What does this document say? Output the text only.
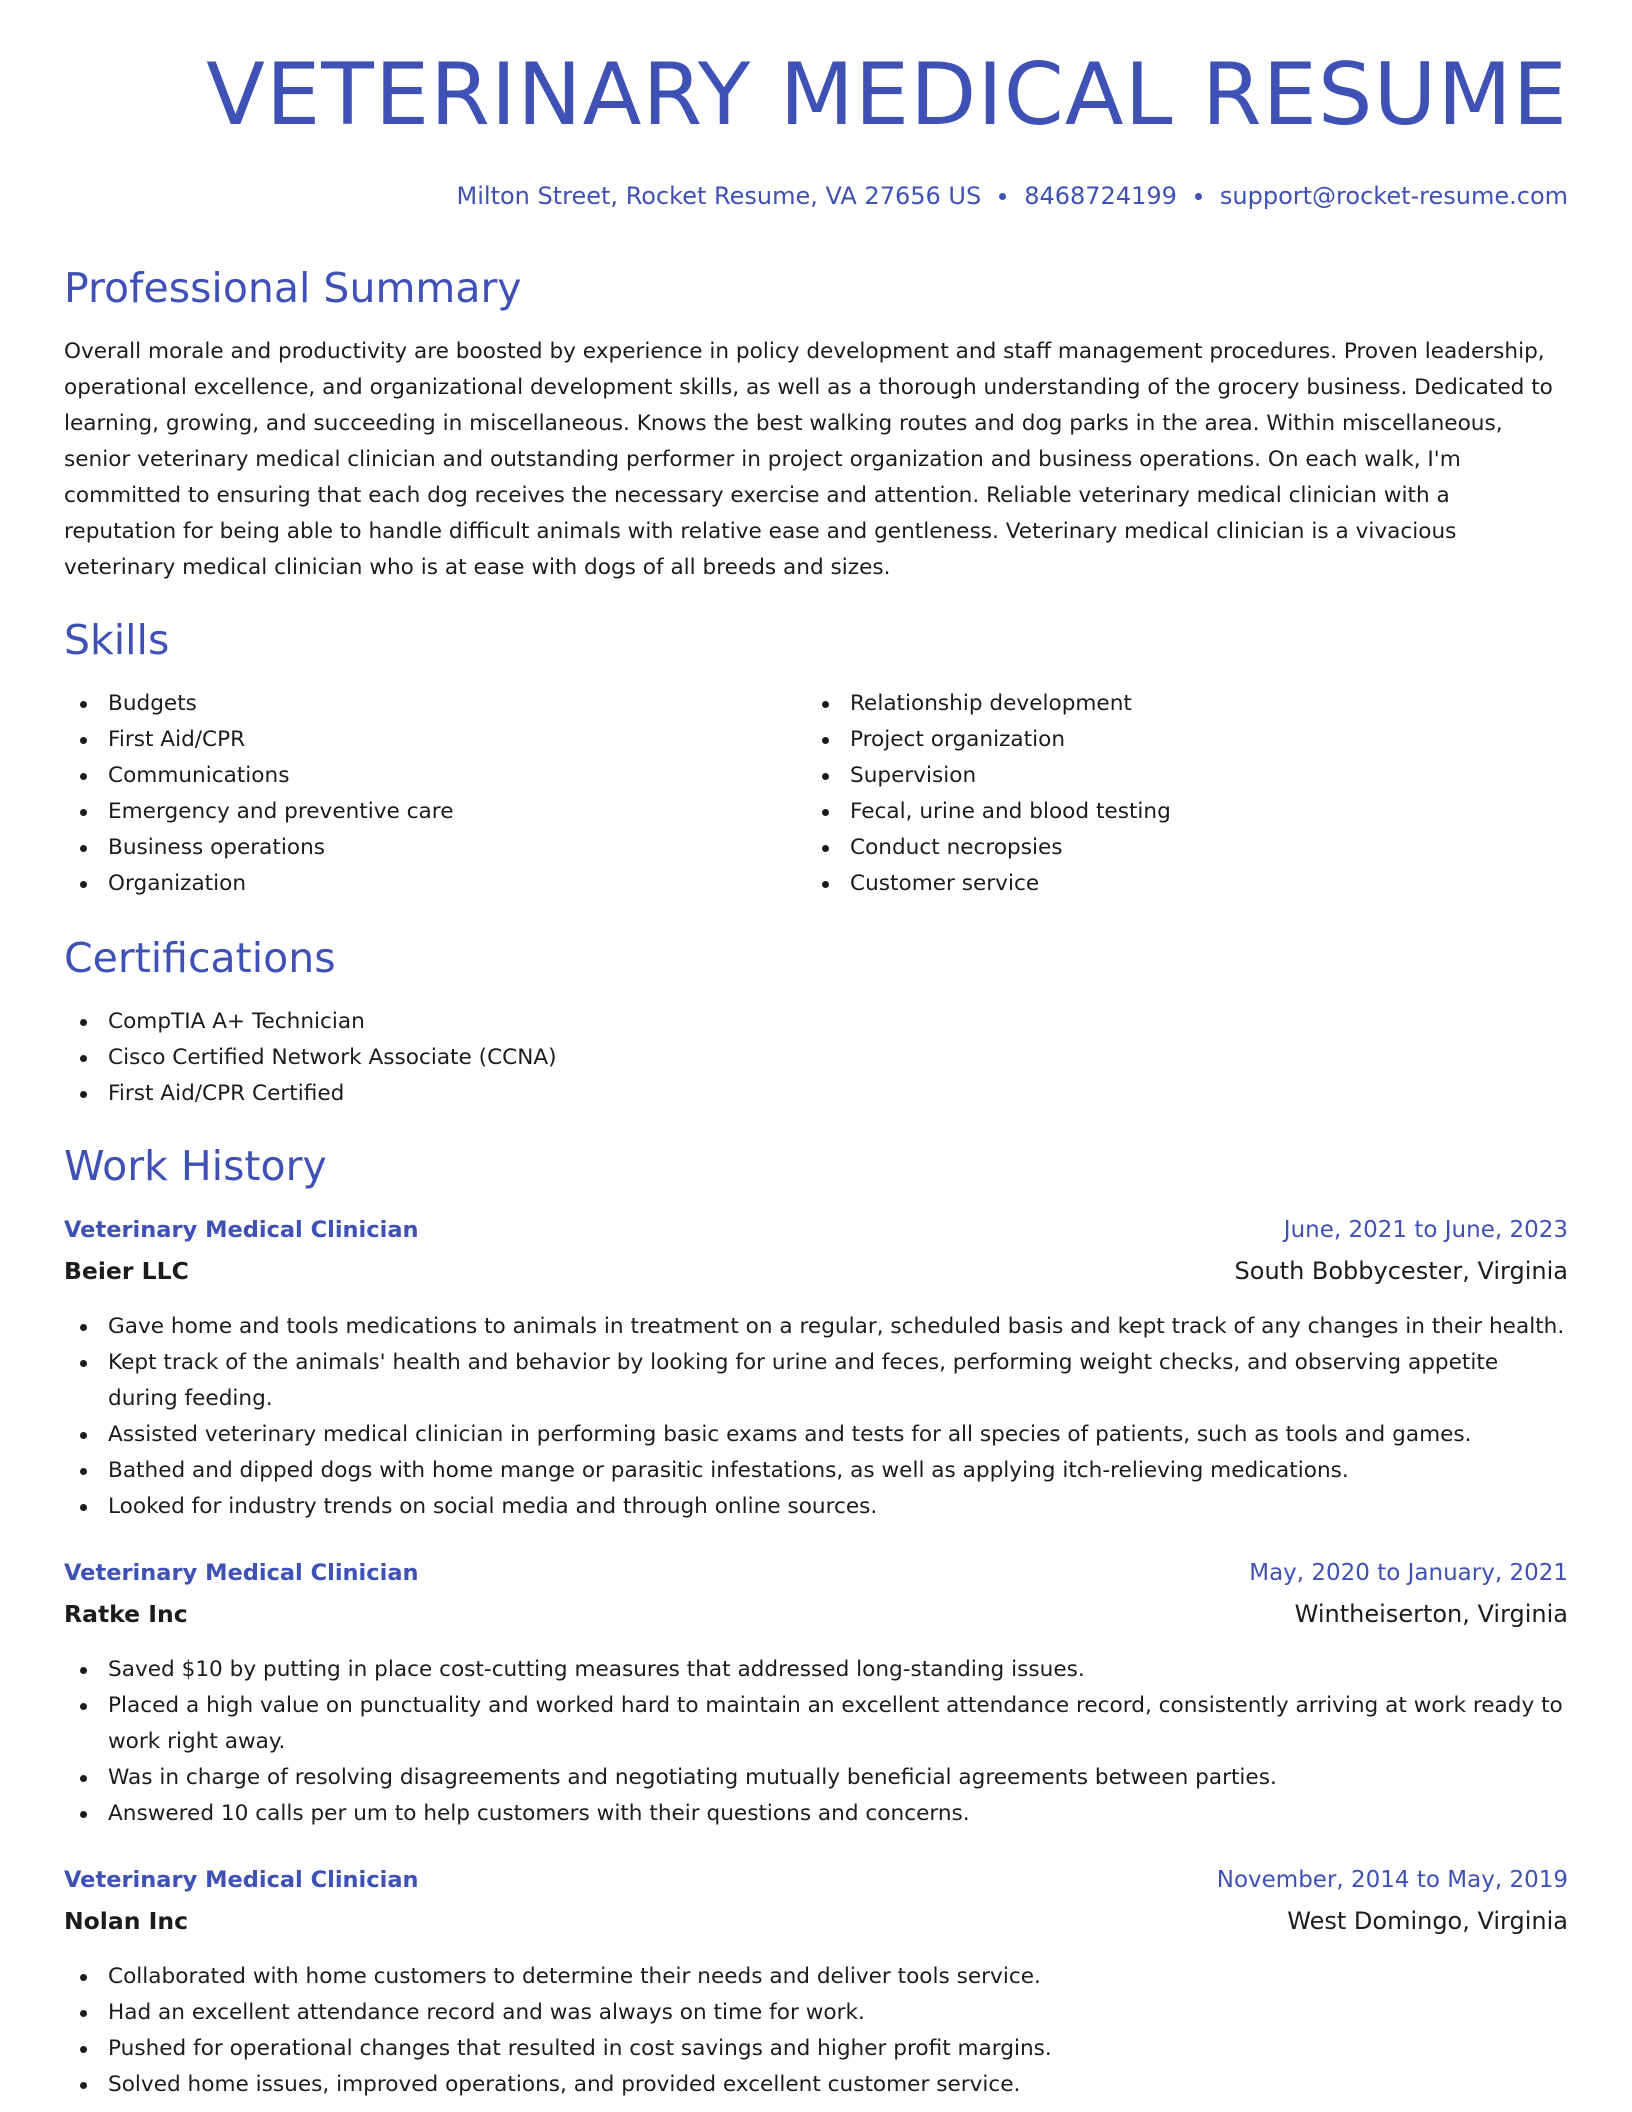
VETERINARY MEDICAL RESUME
Milton Street, Rocket Resume, VA 27656 US 8468724199 support@rocket-resume.com
Professional Summary

Overall morale and productivity are boosted by experience in policy development and staff management procedures. Proven leadership, operational excellence, and organizational development skills, as well as a thorough understanding of the grocery business. Dedicated to learning, growing, and succeeding in miscellaneous. Knows the best walking routes and dog parks in the area. Within miscellaneous, senior veterinary medical clinician and outstanding performer in project organization and business operations. On each walk, I'm committed to ensuring that each dog receives the necessary exercise and attention. Reliable veterinary medical clinician with a reputation for being able to handle difficult animals with relative ease and gentleness. Veterinary medical clinician is a vivacious veterinary medical clinician who is at ease with dogs of all breeds and sizes.

Skills
Budgets
First Aid/CPR
Communications
Emergency and preventive care
Business operations
Organization
Relationship development
Project organization
Supervision
Fecal, urine and blood testing
Conduct necropsies
Customer service
Certifications
CompTIA A+ Technician
Cisco Certified Network Associate (CCNA)
First Aid/CPR Certified
Work History
Veterinary Medical Clinician	June, 2021 to June, 2023
Beier LLC	South Bobbycester, Virginia
Gave home and tools medications to animals in treatment on a regular, scheduled basis and kept track of any changes in their health.
Kept track of the animals' health and behavior by looking for urine and feces, performing weight checks, and observing appetite during feeding.
Assisted veterinary medical clinician in performing basic exams and tests for all species of patients, such as tools and games.
Bathed and dipped dogs with home mange or parasitic infestations, as well as applying itch-relieving medications.
Looked for industry trends on social media and through online sources.
Veterinary Medical Clinician	May, 2020 to January, 2021
Ratke Inc	Wintheiserton, Virginia
Saved $10 by putting in place cost-cutting measures that addressed long-standing issues.
Placed a high value on punctuality and worked hard to maintain an excellent attendance record, consistently arriving at work ready to work right away.
Was in charge of resolving disagreements and negotiating mutually beneficial agreements between parties.
Answered 10 calls per um to help customers with their questions and concerns.
Veterinary Medical Clinician	November, 2014 to May, 2019
Nolan Inc	West Domingo, Virginia
Collaborated with home customers to determine their needs and deliver tools service.
Had an excellent attendance record and was always on time for work.
Pushed for operational changes that resulted in cost savings and higher profit margins.
Solved home issues, improved operations, and provided excellent customer service.
